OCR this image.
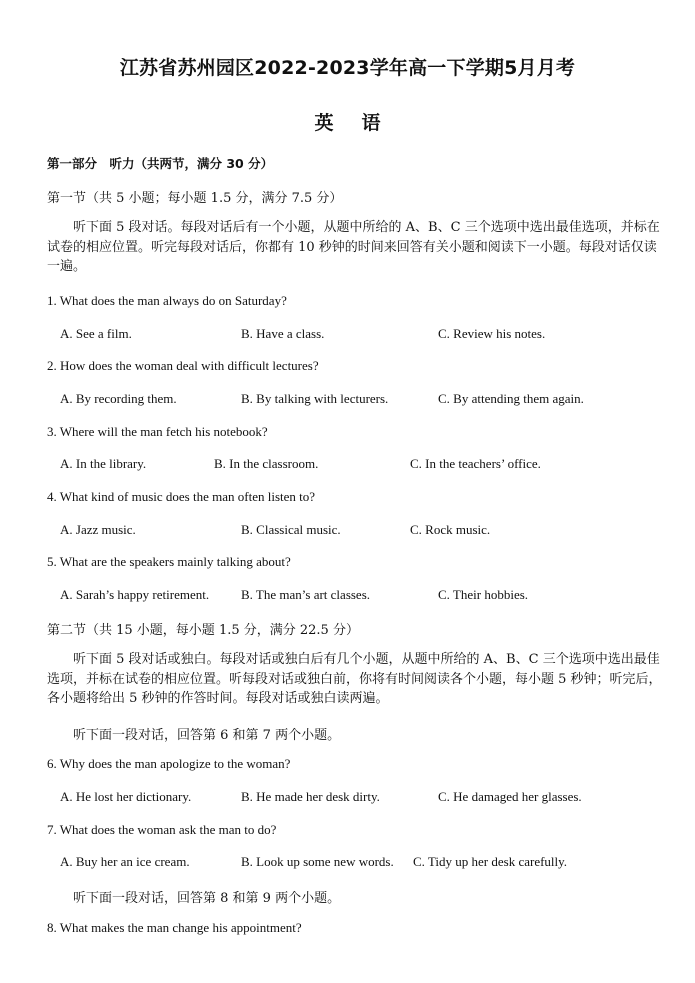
江苏省苏州园区2022-2023学年高一下学期5月月考
英 语
第一部分　听力（共两节，满分 30 分）
第一节（共 5 小题；每小题 1.5 分，满分 7.5 分）
听下面 5 段对话。每段对话后有一个小题，从题中所给的 A、B、C 三个选项中选出最佳选项，并标在试卷的相应位置。听完每段对话后，你都有 10 秒钟的时间来回答有关小题和阅读下一小题。每段对话仅读一遍。
1. What does the man always do on Saturday?
A. See a film.	B. Have a class.	C. Review his notes.
2. How does the woman deal with difficult lectures?
A. By recording them.	B. By talking with lecturers.	C. By attending them again.
3. Where will the man fetch his notebook?
A. In the library.	B. In the classroom.	C. In the teachers’ office.
4. What kind of music does the man often listen to?
A. Jazz music.	B. Classical music.	C. Rock music.
5. What are the speakers mainly talking about?
A. Sarah’s happy retirement. B. The man’s art classes.	C. Their hobbies.
第二节（共 15 小题，每小题 1.5 分，满分 22.5 分）
听下面 5 段对话或独白。每段对话或独白后有几个小题，从题中所给的 A、B、C 三个选项中选出最佳选项，并标在试卷的相应位置。听每段对话或独白前，你将有时间阅读各个小题，每小题 5 秒钟；听完后，各小题将给出 5 秒钟的作答时间。每段对话或独白读两遍。
听下面一段对话，回答第 6 和第 7 两个小题。
6. Why does the man apologize to the woman?
A. He lost her dictionary.	B. He made her desk dirty.	C. He damaged her glasses.
7. What does the woman ask the man to do?
A. Buy her an ice cream.	B. Look up some new words. C. Tidy up her desk carefully.
听下面一段对话，回答第 8 和第 9 两个小题。
8. What makes the man change his appointment?
